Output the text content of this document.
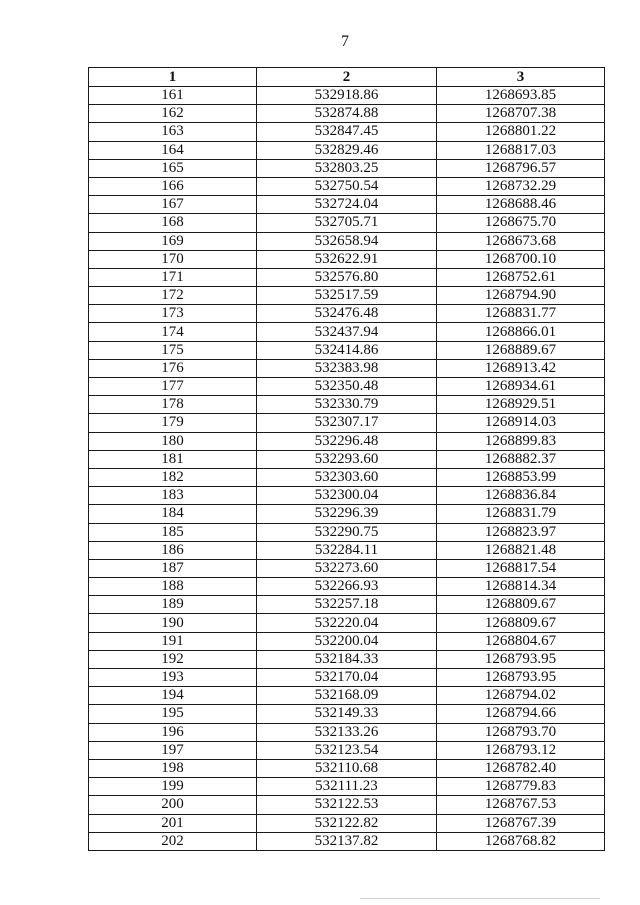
7
1	2	3
161	532918.86	1268693.85
162	532874.88	1268707.38
163	532847.45	1268801.22
164	532829.46	1268817.03
165	532803.25	1268796.57
166	532750.54	1268732.29
167	532724.04	1268688.46
168	532705.71	1268675.70
169	532658.94	1268673.68
170	532622.91	1268700.10
171	532576.80	1268752.61
172	532517.59	1268794.90
173	532476.48	1268831.77
174	532437.94	1268866.01
175	532414.86	1268889.67
176	532383.98	1268913.42
177	532350.48	1268934.61
178	532330.79	1268929.51
179	532307.17	1268914.03
180	532296.48	1268899.83
181	532293.60	1268882.37
182	532303.60	1268853.99
183	532300.04	1268836.84
184	532296.39	1268831.79
185	532290.75	1268823.97
186	532284.11	1268821.48
187	532273.60	1268817.54
188	532266.93	1268814.34
189	532257.18	1268809.67
190	532220.04	1268809.67
191	532200.04	1268804.67
192	532184.33	1268793.95
193	532170.04	1268793.95
194	532168.09	1268794.02
195	532149.33	1268794.66
196	532133.26	1268793.70
197	532123.54	1268793.12
198	532110.68	1268782.40
199	532111.23	1268779.83
200	532122.53	1268767.53
201	532122.82	1268767.39
202	532137.82	1268768.82
